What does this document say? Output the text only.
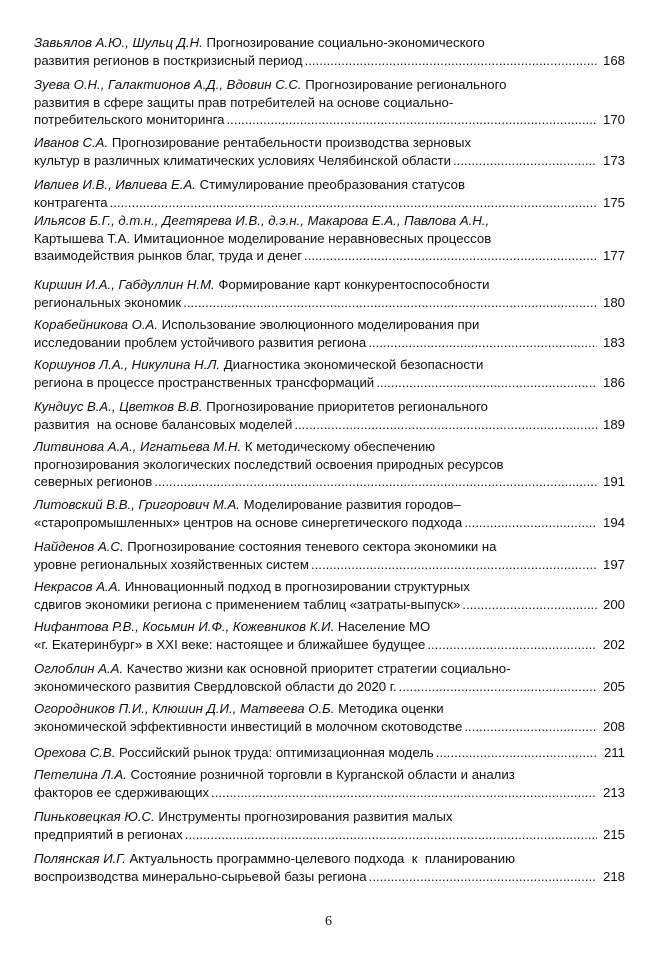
Завьялов А.Ю., Шульц Д.Н. Прогнозирование социально-экономического
развития регионов в посткризисный период .....	168
Зуева О.Н., Галактионов А.Д., Вдовин С.С. Прогнозирование регионального
развития в сфере защиты прав потребителей на основе социально-
потребительского мониторинга .....	170
Иванов С.А. Прогнозирование рентабельности производства зерновых
культур в различных климатических условиях Челябинской области .....	173
Ивлиев И.В., Ивлиева Е.А. Стимулирование преобразования статусов
контрагента .....	175
Ильясов Б.Г., д.т.н., Дегтярева И.В., д.э.н., Макарова Е.А., Павлова А.Н.,
Картышева Т.А. Имитационное моделирование неравновесных процессов
взаимодействия рынков благ, труда и денег .....	177
Киршин И.А., Габдуллин Н.М. Формирование карт конкурентоспособности
региональных экономик .....	180
Корабейникова О.А. Использование эволюционного моделирования при
исследовании проблем устойчивого развития региона .....	183
Коршунов Л.А., Никулина Н.Л. Диагностика экономической безопасности
региона в процессе пространственных трансформаций .....	186
Кундиус В.А., Цветков В.В. Прогнозирование приоритетов регионального
развития  на основе балансовых моделей .....	189
Литвинова А.А., Игнатьева М.Н. К методическому обеспечению
прогнозирования экологических последствий освоения природных ресурсов
северных регионов .....	191
Литовский В.В., Григорович М.А. Моделирование развития городов–
«старопромышленных» центров на основе синергетического подхода .....	194
Найденов А.С. Прогнозирование состояния теневого сектора экономики на
уровне региональных хозяйственных систем .....	197
Некрасов А.А. Инновационный подход в прогнозировании структурных
сдвигов экономики региона с применением таблиц «затраты-выпуск» .....	200
Нифантова Р.В., Косьмин И.Ф., Кожевников К.И. Население МО
«г. Екатеринбург» в XXI веке: настоящее и ближайшее будущее .....	202
Оглоблин А.А. Качество жизни как основной приоритет стратегии социально-
экономического развития Свердловской области до 2020 г. .....	205
Огородников П.И., Клюшин Д.И., Матвеева О.Б. Методика оценки
экономической эффективности инвестиций в молочном скотоводстве .....	208
Орехова С.В. Российский рынок труда: оптимизационная модель .....	211
Петелина Л.А. Состояние розничной торговли в Курганской области и анализ
факторов ее сдерживающих .....	213
Пиньковецкая Ю.С. Инструменты прогнозирования развития малых
предприятий в регионах .....	215
Полянская И.Г. Актуальность программно-целевого подхода  к  планированию
воспроизводства минерально-сырьевой базы региона .....	218
6
